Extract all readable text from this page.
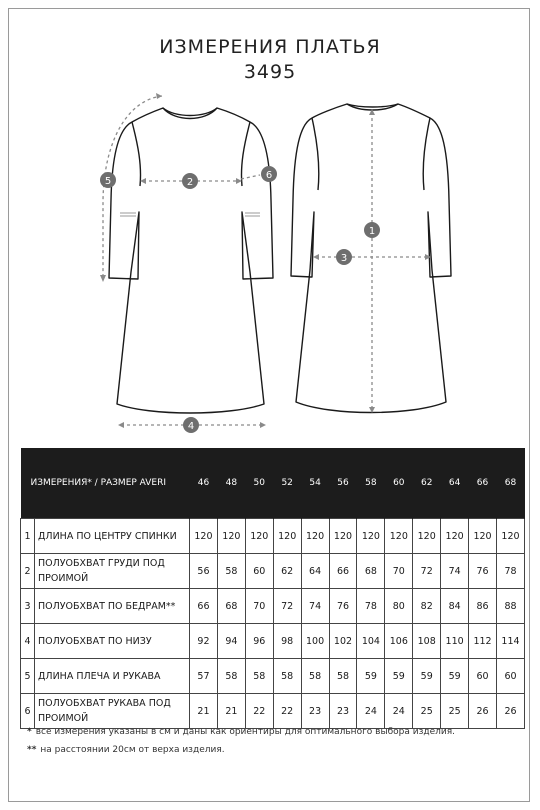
ИЗМЕРЕНИЯ ПЛАТЬЯ
3495
5	2
6
4
1
3
ИЗМЕРЕНИЯ* / РАЗМЕР AVERI		46	48	50	52	54	56	58	60	62	64	66	68
1	ДЛИНА ПО ЦЕНТРУ СПИНКИ	120	120	120	120	120	120	120	120	120	120	120	120
2	ПОЛУОБХВАТ ГРУДИ ПОД ПРОИМОЙ	56	58	60	62	64	66	68	70	72	74	76	78
3	ПОЛУОБХВАТ ПО БЕДРАМ**	66	68	70	72	74	76	78	80	82	84	86	88
4	ПОЛУОБХВАТ ПО НИЗУ	92	94	96	98	100	102	104	106	108	110	112	114
5	ДЛИНА ПЛЕЧА И РУКАВА	57	58	58	58	58	58	59	59	59	59	60	60
6	ПОЛУОБХВАТ РУКАВА ПОД ПРОИМОЙ	21	21	22	22	23	23	24	24	25	25	26	26
* все измерения указаны в см и даны как ориентиры для оптимального выбора изделия.
** на расстоянии 20см от верха изделия.
